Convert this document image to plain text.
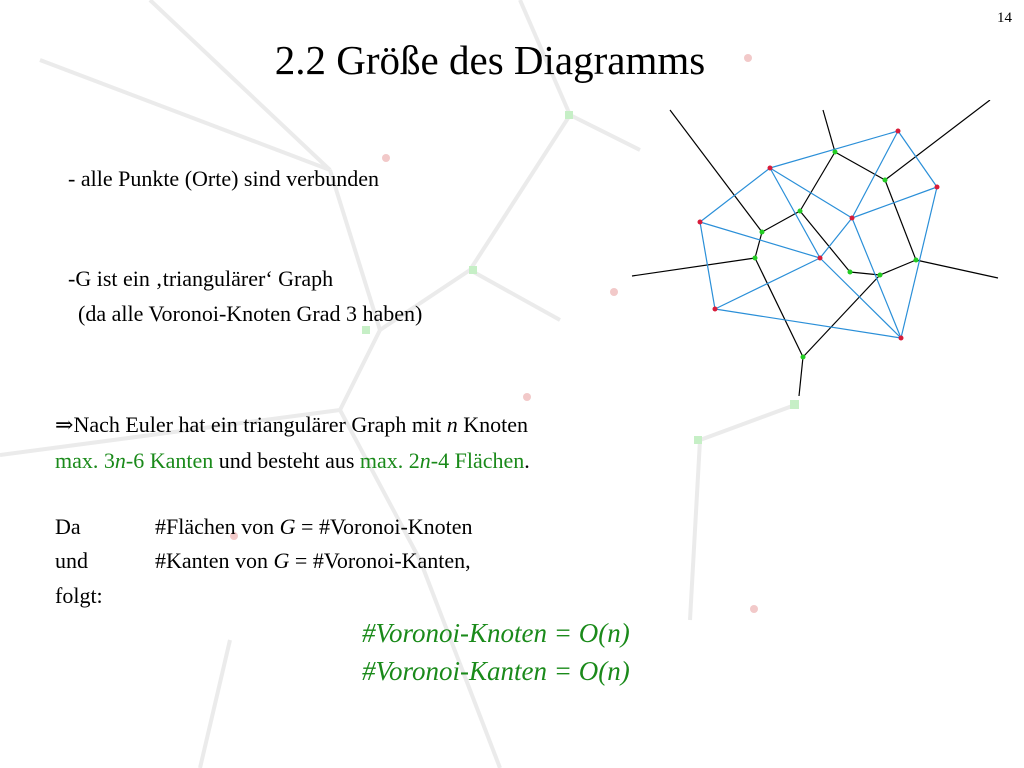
14
2.2 Größe des Diagramms

- alle Punkte (Orte) sind verbunden

-G ist ein ‚triangulärer‘ Graph

(da alle Voronoi-Knoten Grad 3 haben)

⇒Nach Euler hat ein triangulärer Graph mit n Knoten

max. 3n-6 Kanten und besteht aus max. 2n-4 Flächen.

Da	#Flächen von G = #Voronoi-Knoten
und	#Kanten von G = #Voronoi-Kanten,
folgt:

#Voronoi-Knoten = O(n)

#Voronoi-Kanten = O(n)
